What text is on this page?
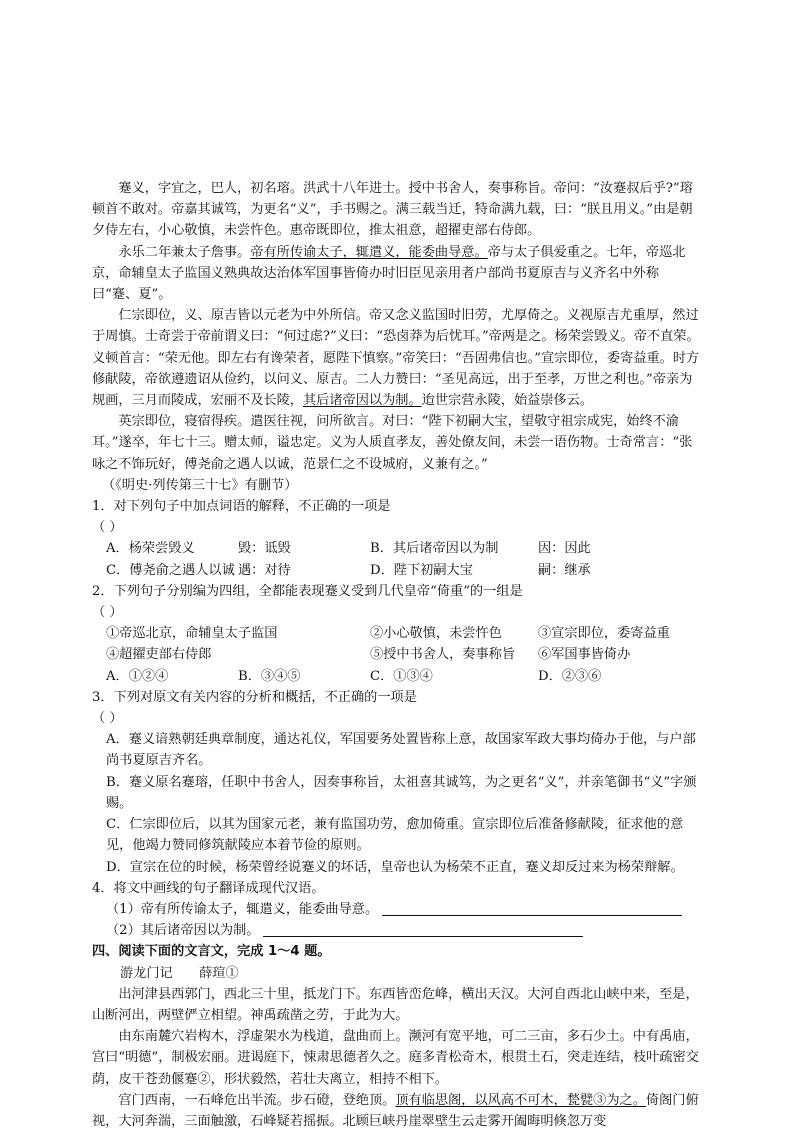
蹇义，字宜之，巴人，初名瑢。洪武十八年进士。授中书舍人，奏事称旨。帝问：“汝蹇叔后乎?”瑢顿首不敢对。帝嘉其诚笃，为更名“义”，手书赐之。满三载当迁，特命满九载，曰：“朕且用义。”由是朝夕侍左右，小心敬慎，未尝忤色。惠帝既即位，推太祖意，超擢吏部右侍郎。

永乐二年兼太子詹事。帝有所传谕太子，辄遣义，能委曲导意。帝与太子俱爱重之。七年，帝巡北京，命辅皇太子监国义熟典故达治体军国事皆倚办时旧臣见亲用者户部尚书夏原吉与义齐名中外称曰“蹇、夏”。

仁宗即位，义、原吉皆以元老为中外所信。帝又念义监国时旧劳，尤厚倚之。义视原吉尤重厚，然过于周慎。士奇尝于帝前谓义曰：“何过虑?”义曰：“恐卤莽为后忧耳。”帝两是之。杨荣尝毁义。帝不直荣。义顿首言：“荣无他。即左右有谗荣者，愿陛下慎察。”帝笑曰：“吾固弗信也。”宣宗即位，委寄益重。时方修献陵，帝欲遵遗诏从俭约，以问义、原吉。二人力赞曰：“圣见高远，出于至孝，万世之利也。”帝亲为规画，三月而陵成，宏丽不及长陵，其后诸帝因以为制。迨世宗营永陵，始益崇侈云。

英宗即位，寝宿得疾。遣医往视，问所欲言。对曰：“陛下初嗣大宝，望敬守祖宗成宪，始终不渝耳。”遂卒，年七十三。赠太师，谥忠定。义为人质直孝友，善处僚友间，未尝一语伤物。士奇常言：“张咏之不饰玩好，傅尧俞之遇人以诚，范景仁之不设城府，义兼有之。”

（《明史·列传第三十七》有删节）

1．对下列句子中加点词语的解释，不正确的一项是

（ ）

A．杨荣尝毁义	毁：诋毁	B．其后诸帝因以为制	因：因此
C．傅尧俞之遇人以诚 遇：对待	D．陛下初嗣大宝	嗣：继承

2．下列句子分别编为四组，全都能表现蹇义受到几代皇帝“倚重”的一组是

（ ）

①帝巡北京，命辅皇太子监国	②小心敬慎，未尝忤色	③宣宗即位，委寄益重
④超擢吏部右侍郎	⑤授中书舍人，奏事称旨	⑥军国事皆倚办
A．①②④	B．③④⑤	C．①③④	D．②③⑥

3．下列对原文有关内容的分析和概括，不正确的一项是

（ ）

A．蹇义谙熟朝廷典章制度，通达礼仪，军国要务处置皆称上意，故国家军政大事均倚办于他，与户部尚书夏原吉齐名。

B．蹇义原名蹇瑢，任职中书舍人，因奏事称旨，太祖喜其诚笃，为之更名“义”，并亲笔御书“义”字颁赐。

C．仁宗即位后，以其为国家元老，兼有监国功劳，愈加倚重。宣宗即位后准备修献陵，征求他的意见，他竭力赞同修筑献陵应本着节俭的原则。

D．宣宗在位的时候，杨荣曾经说蹇义的坏话，皇帝也认为杨荣不正直，蹇义却反过来为杨荣辩解。

4．将文中画线的句子翻译成现代汉语。

（1）帝有所传谕太子，辄遣义，能委曲导意。

（2）其后诸帝因以为制。

四、阅读下面的文言文，完成 1～4 题。

游龙门记　　薛瑄①

出河津县西郭门，西北三十里，抵龙门下。东西皆峦危峰，横出天汉。大河自西北山峡中来，至是，山断河出，两壁俨立相望。神禹疏凿之劳，于此为大。

由东南麓穴岩构木，浮虚架水为栈道，盘曲而上。濒河有宽平地，可二三亩，多石少土。中有禹庙，宫曰“明德”，制极宏丽。进谒庭下，悚肃思德者久之。庭多青松奇木，根贯土石，突走连结，枝叶疏密交荫，皮干苍劲偃蹇②，形状毅然，若壮夫离立，相持不相下。

宫门西南，一石峰危出半流。步石磴，登绝顶。顶有临思阁，以风高不可木，甃甓③为之。倚阁门俯视，大河奔湍，三面触激，石峰疑若摇振。北顾巨峡丹崖翠壁生云走雾开阖晦明倏忽万变
